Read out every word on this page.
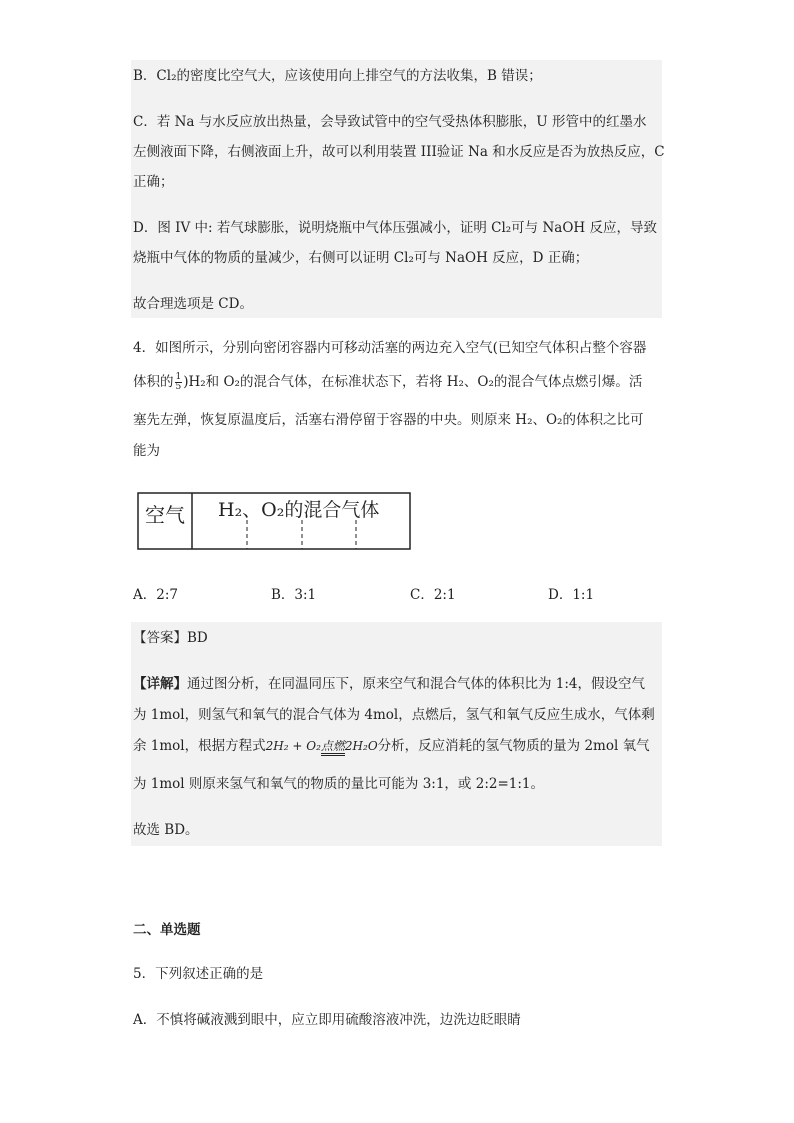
B．Cl₂的密度比空气大，应该使用向上排空气的方法收集，B 错误；
C．若 Na 与水反应放出热量，会导致试管中的空气受热体积膨胀，U 形管中的红墨水
左侧液面下降，右侧液面上升，故可以利用装置 III验证 Na 和水反应是否为放热反应，C
正确；
D．图 IV 中: 若气球膨胀，说明烧瓶中气体压强减小，证明 Cl₂可与 NaOH 反应，导致
烧瓶中气体的物质的量减少，右侧可以证明 Cl₂可与 NaOH 反应，D 正确；
故合理选项是 CD。
4．如图所示，分别向密闭容器内可移动活塞的两边充入空气(已知空气体积占整个容器
体积的 $\frac{1}{5} )H_2$和 O₂的混合气体，在标准状态下，若将 H₂、O₂的混合气体点燃引爆。活
塞先左弹，恢复原温度后，活塞右滑停留于容器的中央。则原来 H₂、O₂的体积之比可
能为
空气 H₂、O₂的混合气体
A．2:7	B．3:1	C．2:1	D．1:1
【答案】BD
【详解】通过图分析，在同温同压下，原来空气和混合气体的体积比为 1:4，假设空气
为 1mol，则氢气和氧气的混合气体为 4mol，点燃后，氢气和氧气反应生成水，气体剩
余 1mol，根据方程式2H₂ + O₂点燃2H₂O分析，反应消耗的氢气物质的量为 2mol 氧气
为 1mol 则原来氢气和氧气的物质的量比可能为 3:1，或 2:2=1:1。
故选 BD。
二、单选题
5．下列叙述正确的是
A．不慎将碱液溅到眼中，应立即用硫酸溶液冲洗，边洗边眨眼睛
